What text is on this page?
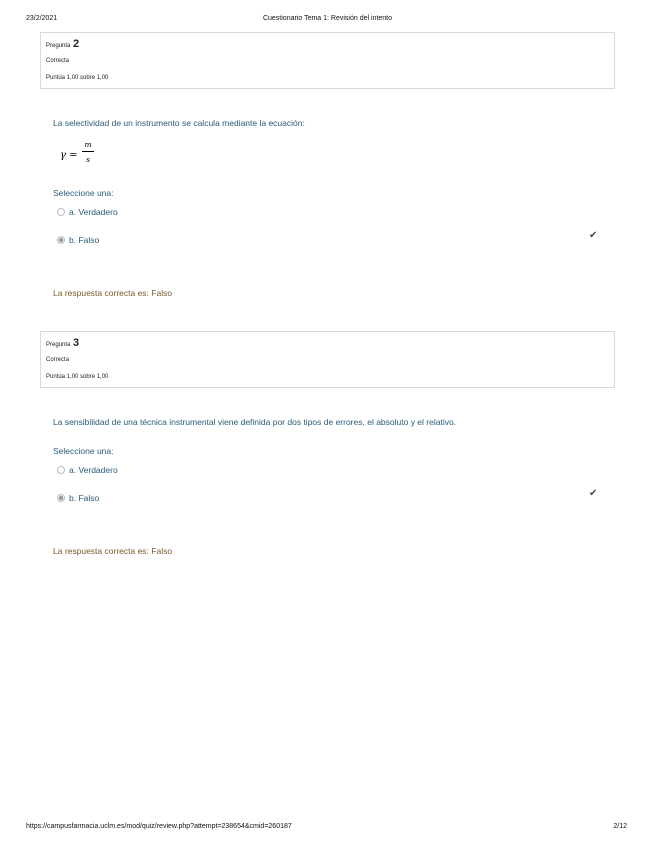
23/2/2021	Cuestionario Tema 1: Revisión del intento
Pregunta 2
Correcta
Puntúa 1,00 sobre 1,00
La selectividad de un instrumento se calcula mediante la ecuación:
γ =
m
s
Seleccione una:
a. Verdadero
b. Falso	✔
La respuesta correcta es: Falso
Pregunta 3
Correcta
Puntúa 1,00 sobre 1,00
La sensibilidad de una técnica instrumental viene definida por dos tipos de errores, el absoluto y el relativo.
Seleccione una:
a. Verdadero
b. Falso	✔
La respuesta correcta es: Falso
https://campusfarmacia.uclm.es/mod/quiz/review.php?attempt=238654&cmid=260187	2/12
